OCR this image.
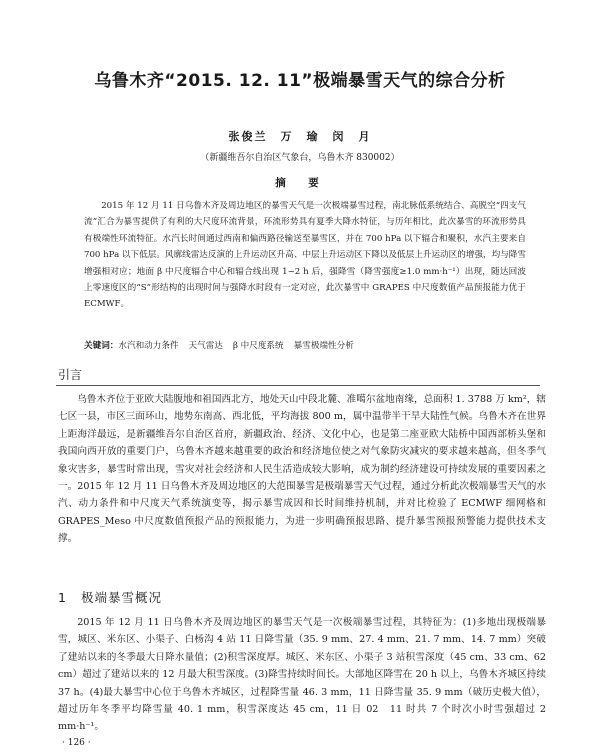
乌鲁木齐“2015. 12. 11”极端暴雪天气的综合分析
张俊兰　万　瑜　闵　月
（新疆维吾尔自治区气象台，乌鲁木齐 830002）
摘　要

2015 年 12 月 11 日乌鲁木齐及周边地区的暴雪天气是一次极端暴雪过程，南北脉低系统结合、高脱空“四支气流”汇合为暴雪提供了有利的大尺度环流背景，环流形势具有夏季大降水特征，与历年相比，此次暴雪的环流形势具有极端性环流特征。水汽长时间通过西南和偏西路径输送至暴雪区，并在 700 hPa 以下辐合和聚积，水汽主要来自 700 hPa 以下低层。风廓线雷达反演的上升运动区升高、中层上升运动区下降以及低层上升运动区的增强，均与降雪增强相对应；地面 β 中尺度辐合中心和辐合线出现 1~2 h 后，强降雪（降雪强度≥1.0 mm·h⁻¹）出现，随达回波上零速度区的“S”形结构的出现时间与强降水时段有一定对应，此次暴雪中 GRAPES 中尺度数值产品预报能力优于 ECMWF。

关键词：水汽和动力条件 天气雷达 β 中尺度系统 暴雪极端性分析
引言

乌鲁木齐位于亚欧大陆腹地和祖国西北方，地处天山中段北麓、准噶尔盆地南缘，总面积 1. 3788 万 km²，辖七区一县，市区三面环山，地势东南高、西北低，平均海拔 800 m，属中温带半干旱大陆性气候。乌鲁木齐在世界上距海洋最远，是新疆维吾尔自治区首府，新疆政治、经济、文化中心，也是第二座亚欧大陆桥中国西部桥头堡和我国向西开放的重要门户，乌鲁木齐越来越重要的政治和经济地位使之对气象防灾减灾的要求越来越高，但冬季气象灾害多，暴雪时常出现，雪灾对社会经济和人民生活造成较大影响，成为制约经济建设可持续发展的重要因素之一。2015 年 12 月 11 日乌鲁木齐及周边地区的大范围暴雪是极端暴雪天气过程，通过分析此次极端暴雪天气的水汽、动力条件和中尺度天气系统演变等，揭示暴雪成因和长时间维持机制，并对比检验了 ECMWF 细网格和 GRAPES_Meso 中尺度数值预报产品的预报能力，为进一步明确预报思路、提升暴雪预报预警能力提供技术支撑。

1 极端暴雪概况

2015 年 12 月 11 日乌鲁木齐及周边地区的暴雪天气是一次极端暴雪过程，其特征为：(1)多地出现极端暴雪，城区、米东区、小渠子、白杨沟 4 站 11 日降雪量（35. 9 mm、27. 4 mm、21. 7 mm、14. 7 mm）突破了建站以来的冬季最大日降水量值；(2)积雪深度厚。城区、米东区、小渠子 3 站积雪深度（45 cm、33 cm、62 cm）超过了建站以来的 12 月最大积雪深度。(3)降雪持续时间长。大部地区降雪在 20 h 以上，乌鲁木齐城区持续 37 h。(4)最大暴雪中心位于乌鲁木齐城区，过程降雪量 46. 3 mm，11 日降雪量 35. 9 mm（破历史极大值），超过历年冬季平均降雪量 40. 1 mm，积雪深度达 45 cm，11 日 02　11 时共 7 个时次小时雪强超过 2 mm·h⁻¹。

· 126 ·
